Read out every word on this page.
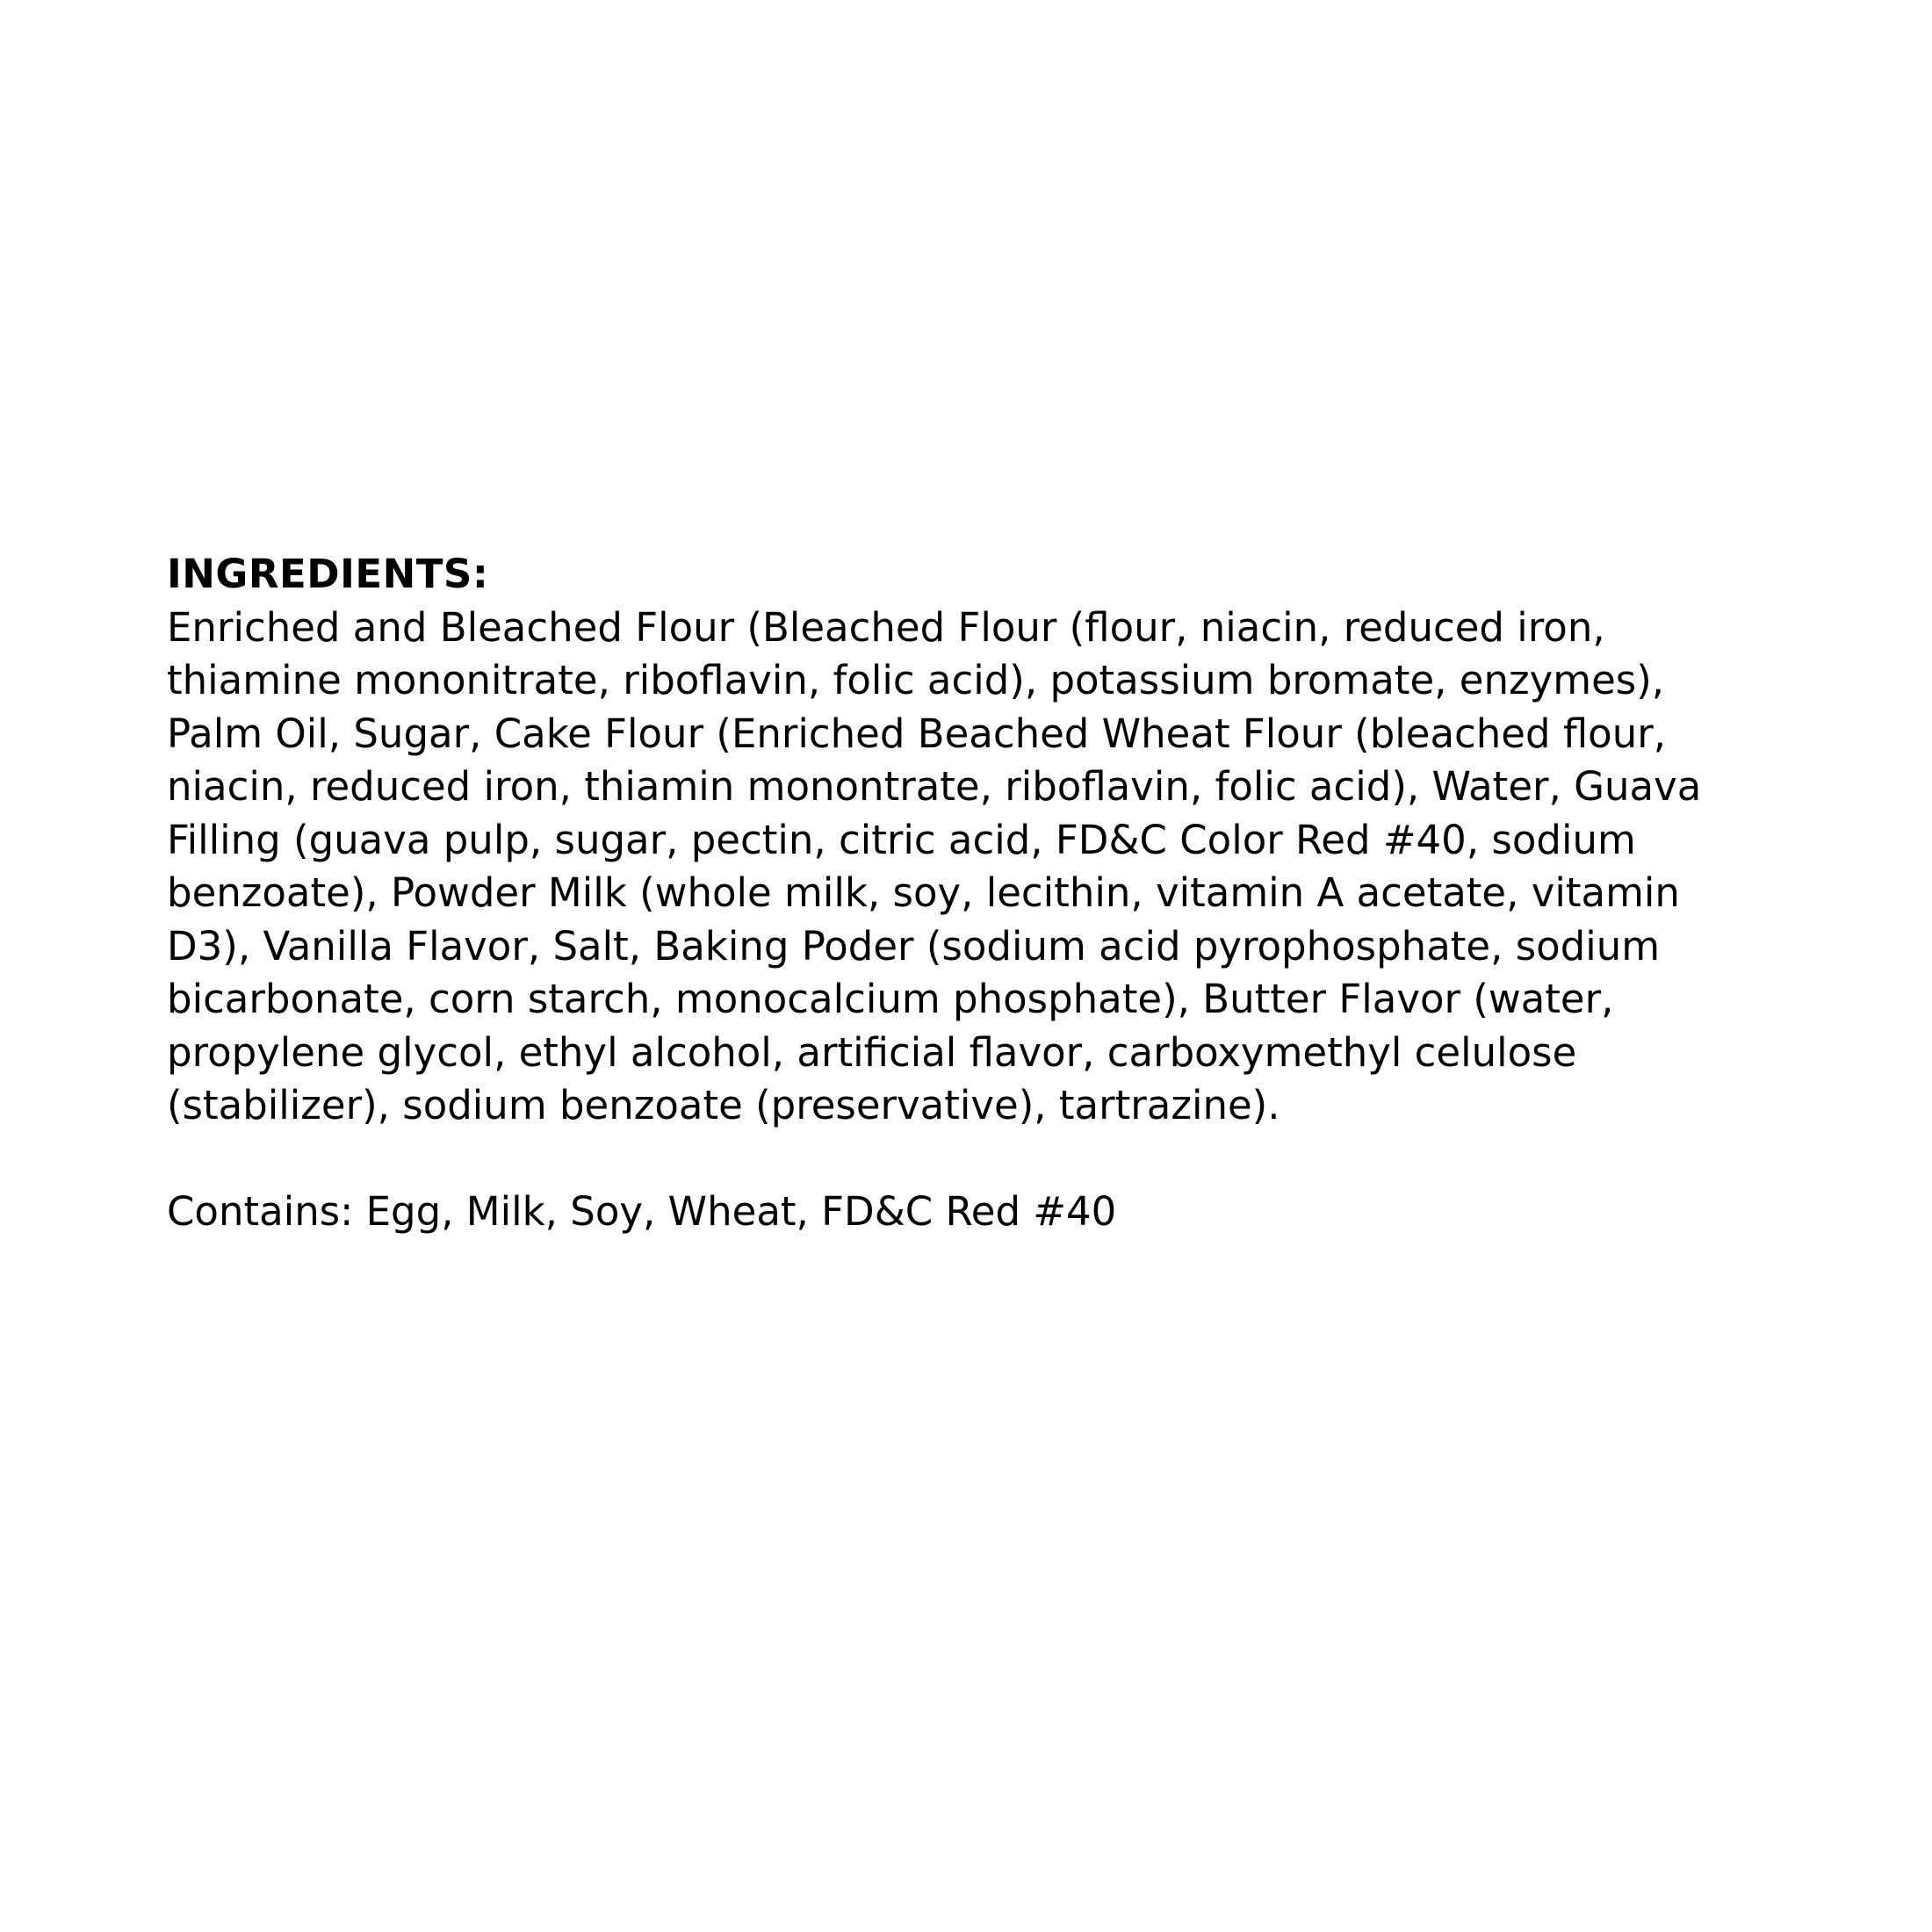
INGREDIENTS:
Enriched and Bleached Flour (Bleached Flour (flour, niacin, reduced iron,
thiamine mononitrate, riboflavin, folic acid), potassium bromate, enzymes),
Palm Oil, Sugar, Cake Flour (Enriched Beached Wheat Flour (bleached flour,
niacin, reduced iron, thiamin monontrate, riboflavin, folic acid), Water, Guava
Filling (guava pulp, sugar, pectin, citric acid, FD&C Color Red #40, sodium
benzoate), Powder Milk (whole milk, soy, lecithin, vitamin A acetate, vitamin
D3), Vanilla Flavor, Salt, Baking Poder (sodium acid pyrophosphate, sodium
bicarbonate, corn starch, monocalcium phosphate), Butter Flavor (water,
propylene glycol, ethyl alcohol, artificial flavor, carboxymethyl celulose
(stabilizer), sodium benzoate (preservative), tartrazine).
Contains: Egg, Milk, Soy, Wheat, FD&C Red #40
